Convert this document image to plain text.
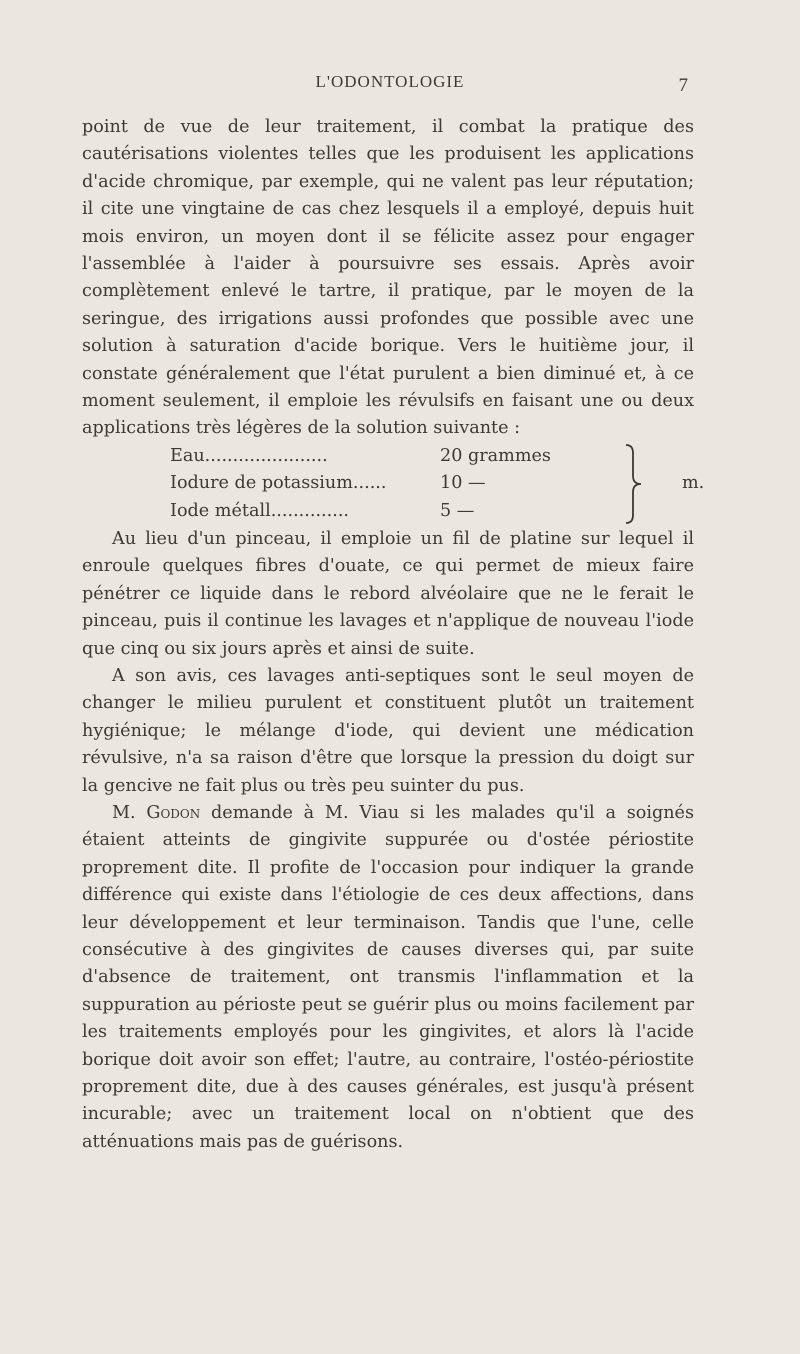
L'ODONTOLOGIE	7

point de vue de leur traitement, il combat la pratique des cautérisations violentes telles que les produisent les applications d'acide chromique, par exemple, qui ne valent pas leur réputation; il cite une vingtaine de cas chez lesquels il a employé, depuis huit mois environ, un moyen dont il se félicite assez pour engager l'assemblée à l'aider à poursuivre ses essais. Après avoir complètement enlevé le tartre, il pratique, par le moyen de la seringue, des irrigations aussi profondes que possible avec une solution à saturation d'acide borique. Vers le huitième jour, il constate généralement que l'état purulent a bien diminué et, à ce moment seulement, il emploie les révulsifs en faisant une ou deux applications très légères de la solution suivante :

Eau......................	20 grammes
Iodure de potassium......	10 —
Iode métall..............	5 —
m.

Au lieu d'un pinceau, il emploie un fil de platine sur lequel il enroule quelques fibres d'ouate, ce qui permet de mieux faire pénétrer ce liquide dans le rebord alvéolaire que ne le ferait le pinceau, puis il continue les lavages et n'applique de nouveau l'iode que cinq ou six jours après et ainsi de suite.

A son avis, ces lavages anti-septiques sont le seul moyen de changer le milieu purulent et constituent plutôt un traitement hygiénique; le mélange d'iode, qui devient une médication révulsive, n'a sa raison d'être que lorsque la pression du doigt sur la gencive ne fait plus ou très peu suinter du pus.

M. Godon demande à M. Viau si les malades qu'il a soignés étaient atteints de gingivite suppurée ou d'ostée périostite proprement dite. Il profite de l'occasion pour indiquer la grande différence qui existe dans l'étiologie de ces deux affections, dans leur développement et leur terminaison. Tandis que l'une, celle consécutive à des gingivites de causes diverses qui, par suite d'absence de traitement, ont transmis l'inflammation et la suppuration au périoste peut se guérir plus ou moins facilement par les traitements employés pour les gingivites, et alors là l'acide borique doit avoir son effet; l'autre, au contraire, l'ostéo-périostite proprement dite, due à des causes générales, est jusqu'à présent incurable; avec un traitement local on n'obtient que des atténuations mais pas de guérisons.
